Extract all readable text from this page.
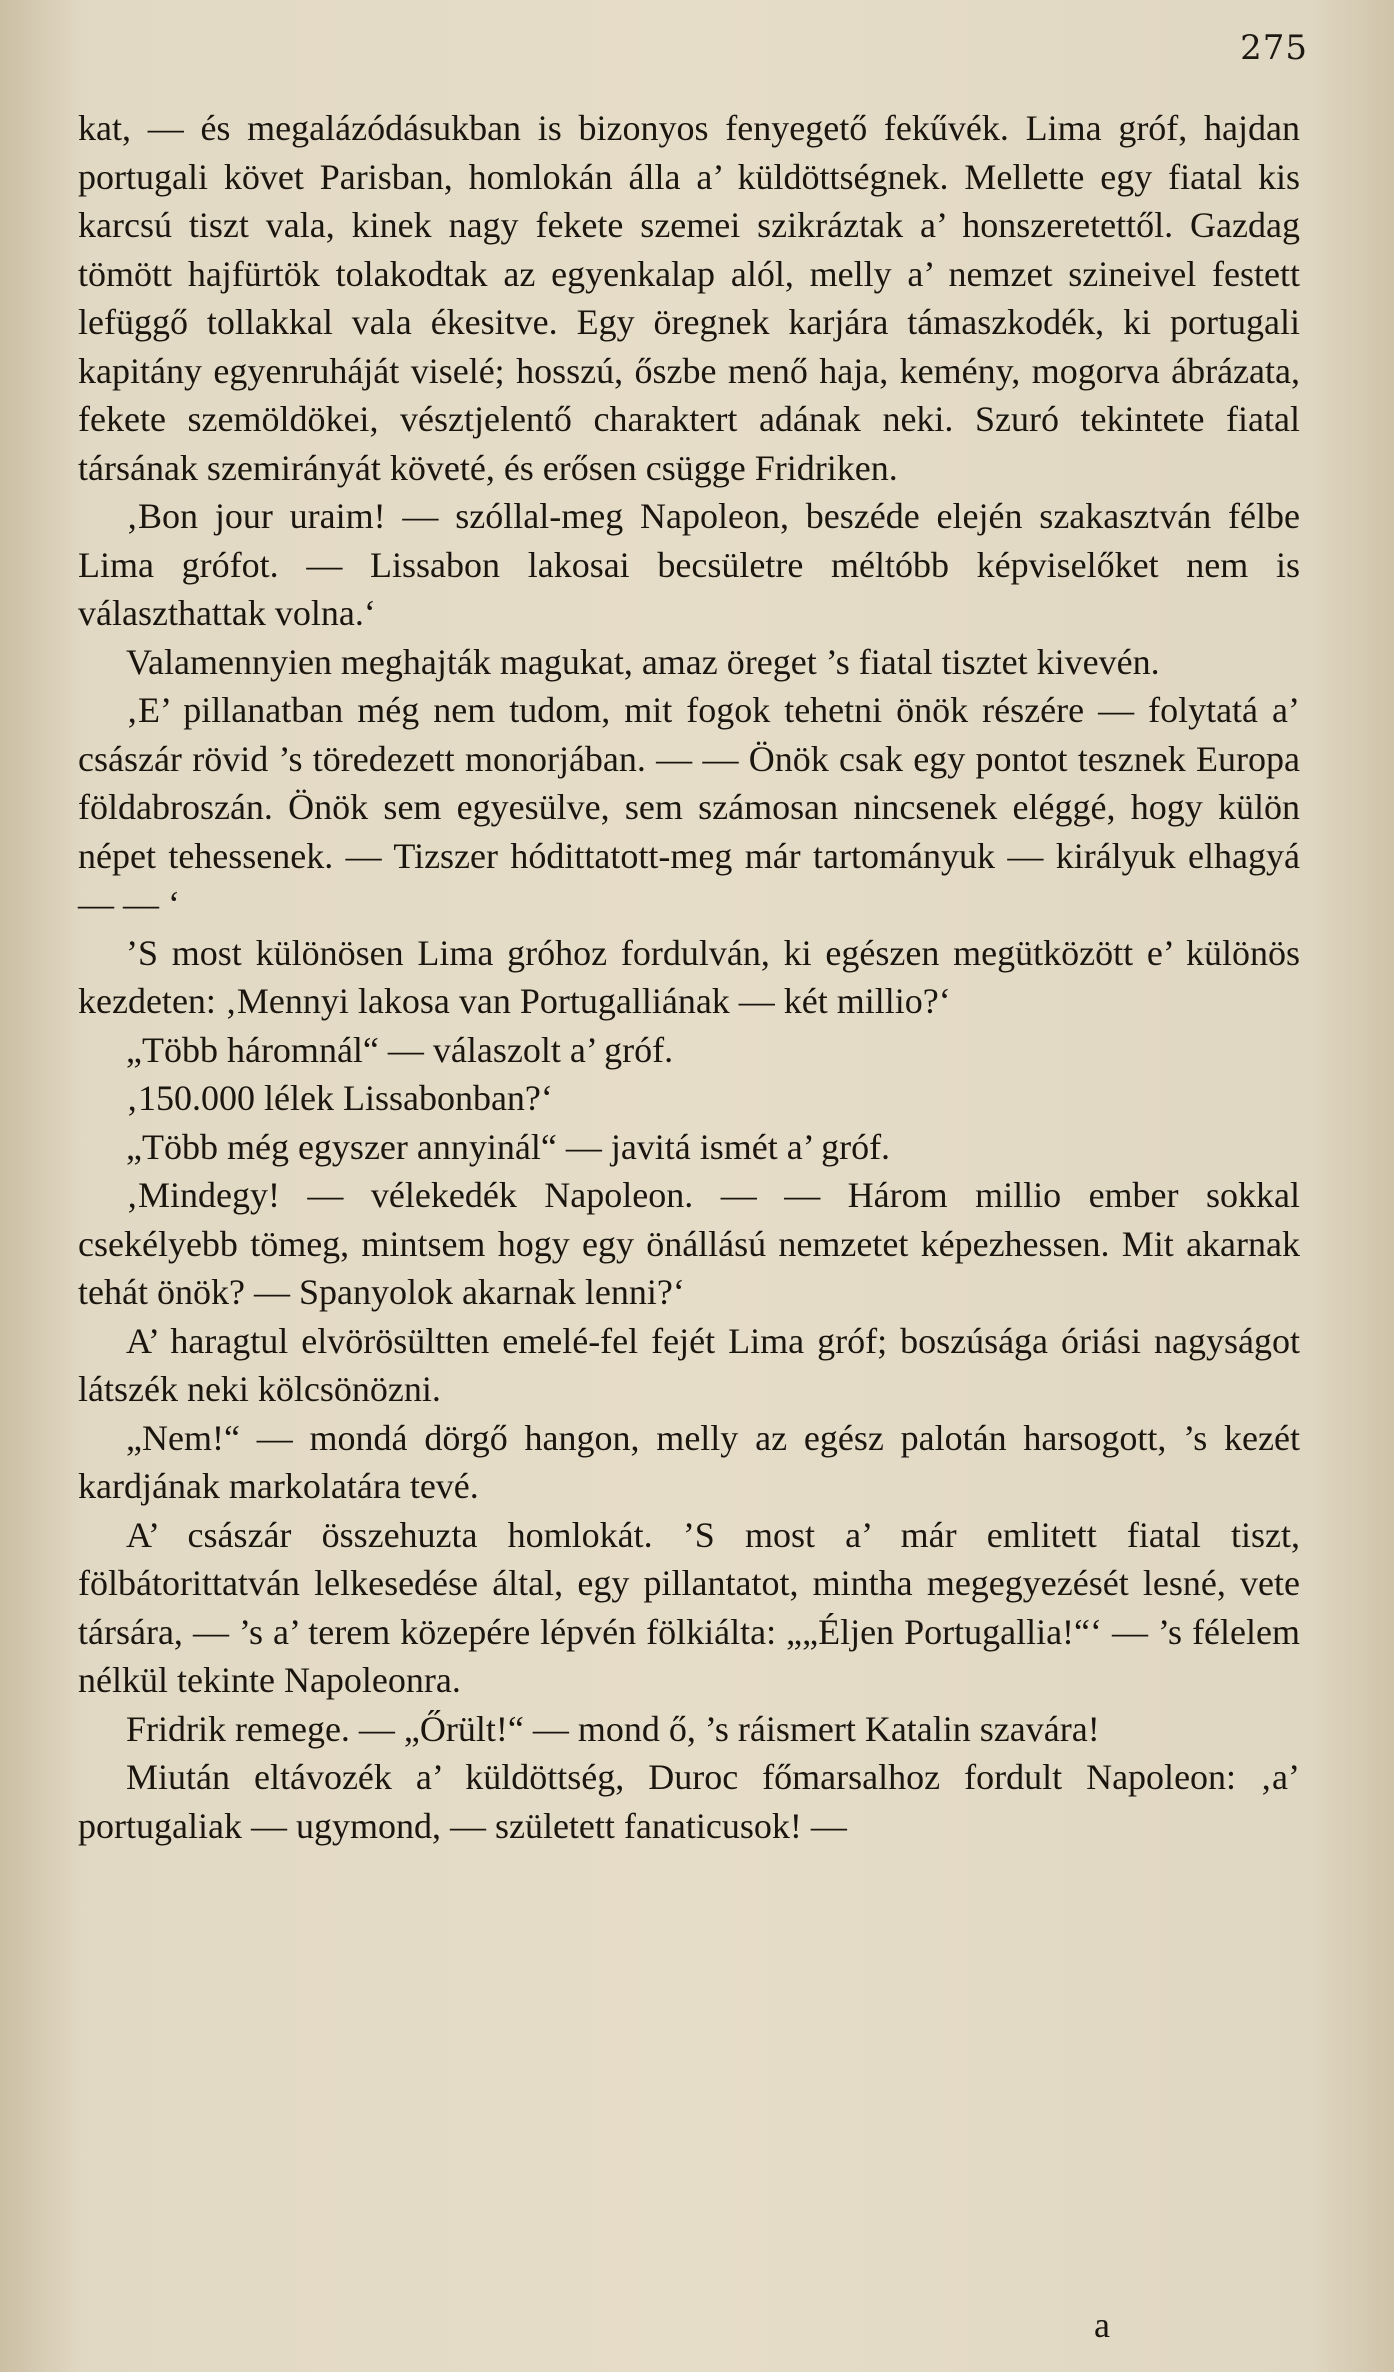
275

kat, — és megalázódásukban is bizonyos fenyegető fekűvék. Lima gróf, hajdan portugali követ Parisban, homlokán álla a’ küldöttségnek. Mellette egy fiatal kis karcsú tiszt vala, kinek nagy fekete szemei szikráztak a’ honszeretettől. Gazdag tömött hajfürtök tolakodtak az egyenkalap alól, melly a’ nemzet szineivel festett lefüggő tollakkal vala ékesitve. Egy öregnek karjára támaszkodék, ki portugali kapitány egyenruháját viselé; hosszú, őszbe menő haja, kemény, mogorva ábrázata, fekete szemöldökei, vésztjelentő charaktert adának neki. Szuró tekintete fiatal társának szemirányát követé, és erősen csügge Fridriken.

‚Bon jour uraim! — szóllal-meg Napoleon, beszéde elején szakasztván félbe Lima grófot. — Lissabon lakosai becsületre méltóbb képviselőket nem is választhattak volna.‘

Valamennyien meghajták magukat, amaz öreget ’s fiatal tisztet kivevén.

‚E’ pillanatban még nem tudom, mit fogok tehetni önök részére — folytatá a’ császár rövid ’s töredezett monorjában. — — Önök csak egy pontot tesznek Europa földabroszán. Önök sem egyesülve, sem számosan nincsenek eléggé, hogy külön népet tehessenek. — Tizszer hódittatott-meg már tartományuk — királyuk elhagyá — — ‘

’S most különösen Lima gróhoz fordulván, ki egészen megütközött e’ különös kezdeten: ‚Mennyi lakosa van Portugalliának — két millio?‘

„Több háromnál“ — válaszolt a’ gróf.

‚150.000 lélek Lissabonban?‘

„Több még egyszer annyinál“ — javitá ismét a’ gróf.

‚Mindegy! — vélekedék Napoleon. — — Három millio ember sokkal csekélyebb tömeg, mintsem hogy egy önállású nemzetet képezhessen. Mit akarnak tehát önök? — Spanyolok akarnak lenni?‘

A’ haragtul elvörösültten emelé-fel fejét Lima gróf; boszúsága óriási nagyságot látszék neki kölcsönözni.

„Nem!“ — mondá dörgő hangon, melly az egész palotán harsogott, ’s kezét kardjának markolatára tevé.

A’ császár összehuzta homlokát. ’S most a’ már emlitett fiatal tiszt, fölbátorittatván lelkesedése által, egy pillantatot, mintha megegyezését lesné, vete társára, — ’s a’ terem közepére lépvén fölkiálta: „„Éljen Portugallia!“‘ — ’s félelem nélkül tekinte Napoleonra.

Fridrik remege. — „Őrült!“ — mond ő, ’s ráismert Katalin szavára!

Miután eltávozék a’ küldöttség, Duroc főmarsalhoz fordult Napoleon: ‚a’ portugaliak — ugymond, — született fanaticusok! —

a
